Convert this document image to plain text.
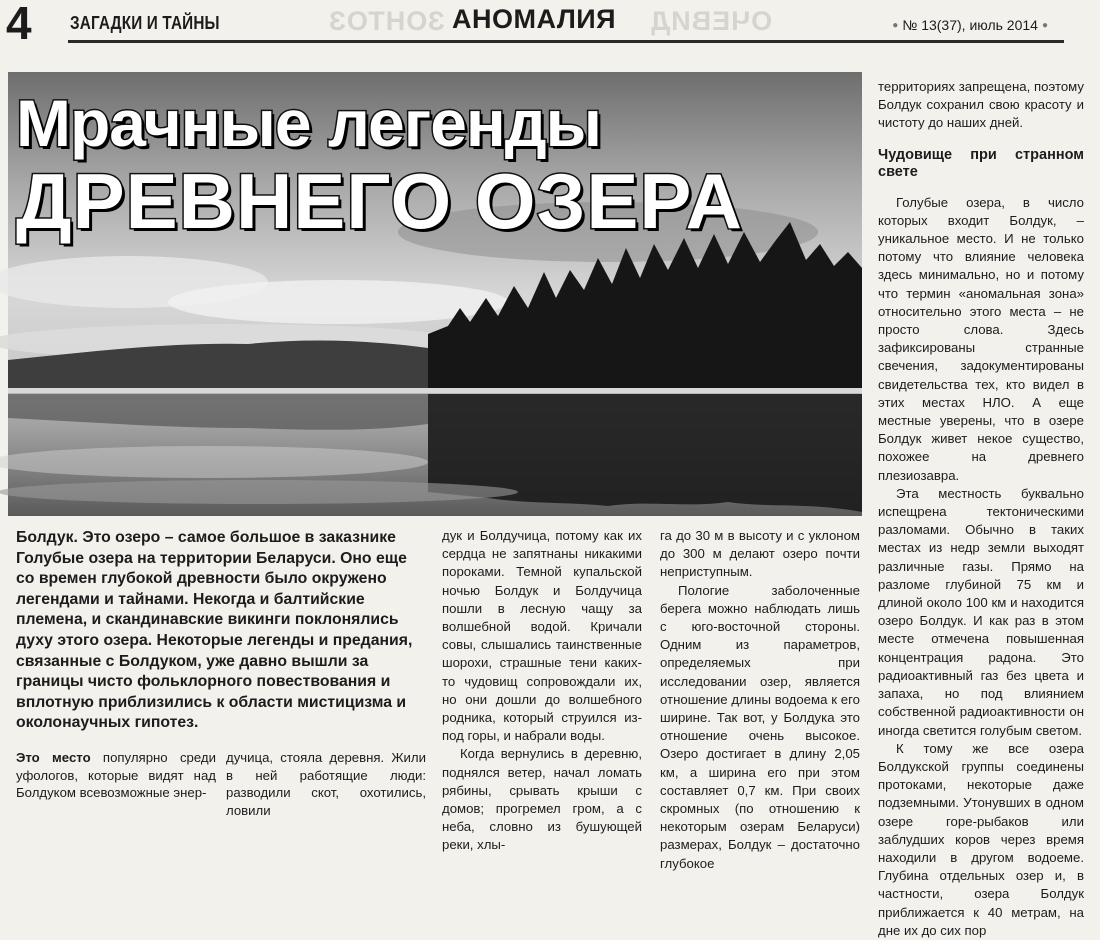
ЗОНТОЗ	ОЧЕВИД
4 ЗАГАДКИ И ТАЙНЫ	АНОМАЛИЯ	● № 13(37), июль 2014 ●
Мрачные легенды
ДРЕВНЕГО ОЗЕРА
Болдук. Это озеро – самое большое в заказнике Голубые озера на территории Беларуси. Оно еще со времен глубокой древности было окружено легендами и тайнами. Некогда и балтийские племена, и скандинавские викинги поклонялись духу этого озера. Некоторые легенды и предания, связанные с Болдуком, уже давно вышли за границы чисто фольклорного повествования и вплотную приблизились к области мистицизма и околонаучных гипотез.
Это место популярно среди уфологов, которые видят над Болдуком всевозможные энер-
дучица, стояла деревня. Жили в ней работящие люди: разводили скот, охотились, ловили

дук и Болдучица, потому как их сердца не запятнаны никакими пороками. Темной купальской ночью Болдук и Болдучица пошли в лесную чащу за волшебной водой. Кричали совы, слышались таинственные шорохи, страшные тени каких-то чудовищ сопровождали их, но они дошли до волшебного родника, который струился из-под горы, и набрали воды.

Когда вернулись в деревню, поднялся ветер, начал ломать рябины, срывать крыши с домов; прогремел гром, а с неба, словно из бушующей реки, хлы-

га до 30 м в высоту и с уклоном до 300 м делают озеро почти неприступным.

Пологие заболоченные берега можно наблюдать лишь с юго-восточной стороны. Одним из параметров, определяемых при исследовании озер, является отношение длины водоема к его ширине. Так вот, у Болдука это отношение очень высокое. Озеро достигает в длину 2,05 км, а ширина его при этом составляет 0,7 км. При своих скромных (по отношению к некоторым озерам Беларуси) размерах, Болдук – достаточно глубокое

территориях запрещена, поэтому Болдук сохранил свою красоту и чистоту до наших дней.

Чудовище при странном свете

Голубые озера, в число которых входит Болдук, – уникальное место. И не только потому что влияние человека здесь минимально, но и потому что термин «аномальная зона» относительно этого места – не просто слова. Здесь зафиксированы странные свечения, задокументированы свидетельства тех, кто видел в этих местах НЛО. А еще местные уверены, что в озере Болдук живет некое существо, похожее на древнего плезиозавра.

Эта местность буквально испещрена тектоническими разломами. Обычно в таких местах из недр земли выходят различные газы. Прямо на разломе глубиной 75 км и длиной около 100 км и находится озеро Болдук. И как раз в этом месте отмечена повышенная концентрация радона. Это радиоактивный газ без цвета и запаха, но под влиянием собственной радиоактивности он иногда светится голубым светом.

К тому же все озера Болдукской группы соединены протоками, некоторые даже подземными. Утонувших в одном озере горе-рыбаков или заблудших коров через время находили в другом водоеме. Глубина отдельных озер и, в частности, озера Болдук приближается к 40 метрам, на дне их до сих пор
